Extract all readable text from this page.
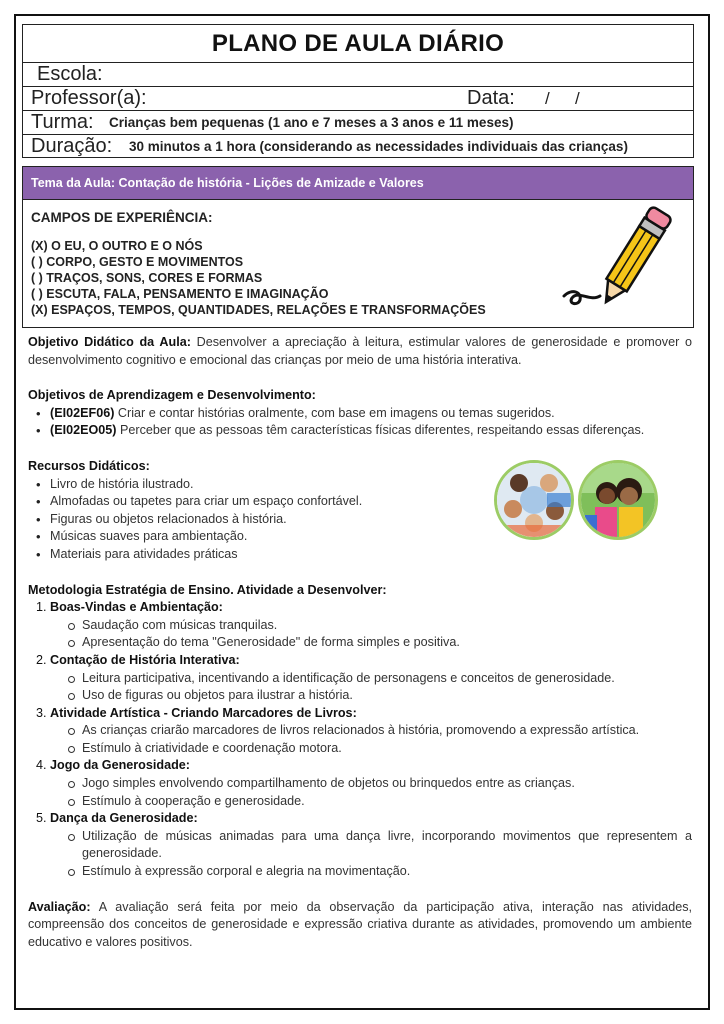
PLANO DE AULA DIÁRIO
Escola:
Professor(a):	Data: / /
Turma: Crianças bem pequenas (1 ano e 7 meses a 3 anos e 11 meses)
Duração: 30 minutos a 1 hora (considerando as necessidades individuais das crianças)
Tema da Aula: Contação de história - Lições de Amizade e Valores
CAMPOS DE EXPERIÊNCIA:
(X) O EU, O OUTRO E O NÓS
( ) CORPO, GESTO E MOVIMENTOS
( ) TRAÇOS, SONS, CORES E FORMAS
( ) ESCUTA, FALA, PENSAMENTO E IMAGINAÇÃO
(X) ESPAÇOS, TEMPOS, QUANTIDADES, RELAÇÕES E TRANSFORMAÇÕES

Objetivo Didático da Aula: Desenvolver a apreciação à leitura, estimular valores de generosidade e promover o desenvolvimento cognitivo e emocional das crianças por meio de uma história interativa.

Objetivos de Aprendizagem e Desenvolvimento:
• (EI02EF06) Criar e contar histórias oralmente, com base em imagens ou temas sugeridos.
• (EI02EO05) Perceber que as pessoas têm características físicas diferentes, respeitando essas diferenças.
Recursos Didáticos:
• Livro de história ilustrado.
• Almofadas ou tapetes para criar um espaço confortável.
• Figuras ou objetos relacionados à história.
• Músicas suaves para ambientação.
• Materiais para atividades práticas
Metodologia Estratégia de Ensino. Atividade a Desenvolver:
1. Boas-Vindas e Ambientação:
Saudação com músicas tranquilas.
Apresentação do tema "Generosidade" de forma simples e positiva.
2. Contação de História Interativa:
Leitura participativa, incentivando a identificação de personagens e conceitos de generosidade.
Uso de figuras ou objetos para ilustrar a história.
3. Atividade Artística - Criando Marcadores de Livros:
As crianças criarão marcadores de livros relacionados à história, promovendo a expressão artística.
Estímulo à criatividade e coordenação motora.
4. Jogo da Generosidade:
Jogo simples envolvendo compartilhamento de objetos ou brinquedos entre as crianças.
Estímulo à cooperação e generosidade.
5. Dança da Generosidade:
Utilização de músicas animadas para uma dança livre, incorporando movimentos que representem a generosidade.
Estímulo à expressão corporal e alegria na movimentação.

Avaliação: A avaliação será feita por meio da observação da participação ativa, interação nas atividades, compreensão dos conceitos de generosidade e expressão criativa durante as atividades, promovendo um ambiente educativo e valores positivos.
